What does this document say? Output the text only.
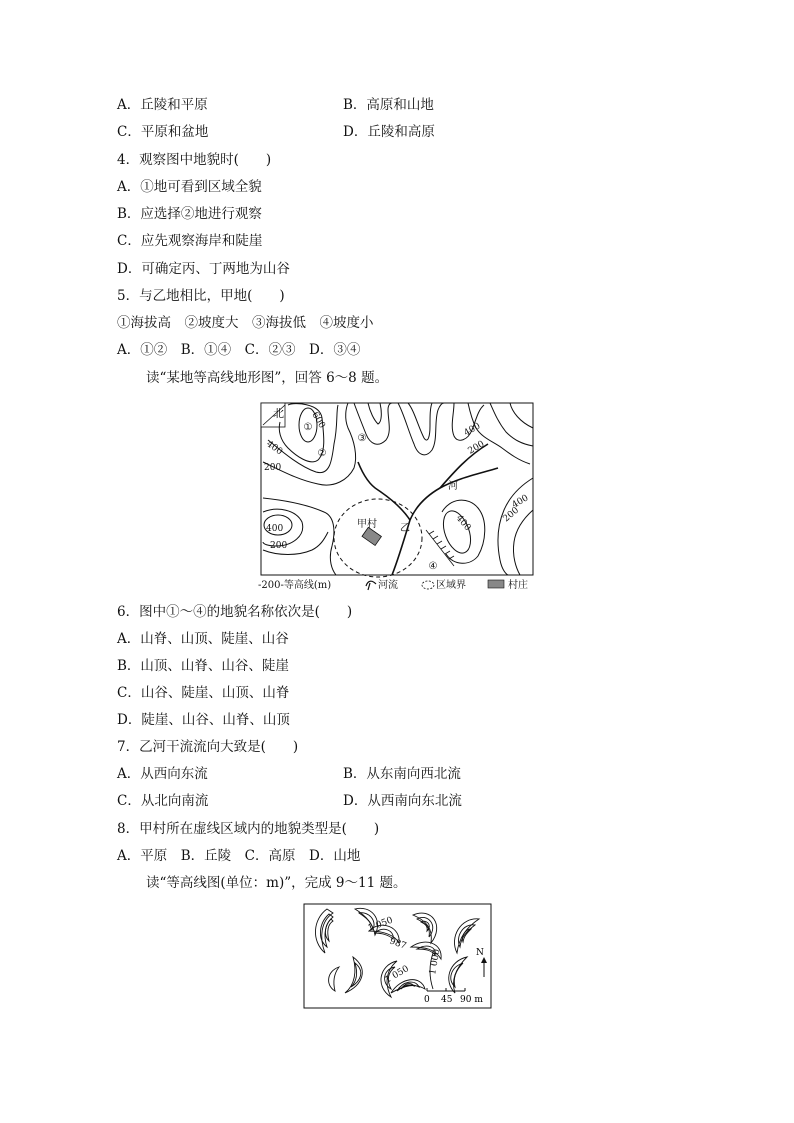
A．丘陵和平原	B．高原和山地
C．平原和盆地	D．丘陵和高原
4．观察图中地貌时(　　)
A．①地可看到区域全貌
B．应选择②地进行观察
C．应先观察海岸和陡崖
D．可确定丙、丁两地为山谷
5．与乙地相比，甲地(　　)
①海拔高　②坡度大　③海拔低　④坡度小
A．①②　B．①④　C．②③　D．③④
读“某地等高线地形图”，回答 6～8 题。
北
①
②
③
④
600
400
200
400
200
400
200
400
400
200
河
甲村 乙
-200-等高线(m)	河流	区域界	村庄
6．图中①～④的地貌名称依次是(　　)
A．山脊、山顶、陡崖、山谷
B．山顶、山脊、山谷、陡崖
C．山谷、陡崖、山顶、山脊
D．陡崖、山谷、山脊、山顶
7．乙河干流流向大致是(　　)
A．从西向东流	B．从东南向西北流
C．从北向南流	D．从西南向东北流
8．甲村所在虚线区域内的地貌类型是(　　)
A．平原　B．丘陵　C．高原　D．山地
读“等高线图(单位：m)”，完成 9～11 题。
1 050
987
1 050 1 000	N
0 45 90 m
